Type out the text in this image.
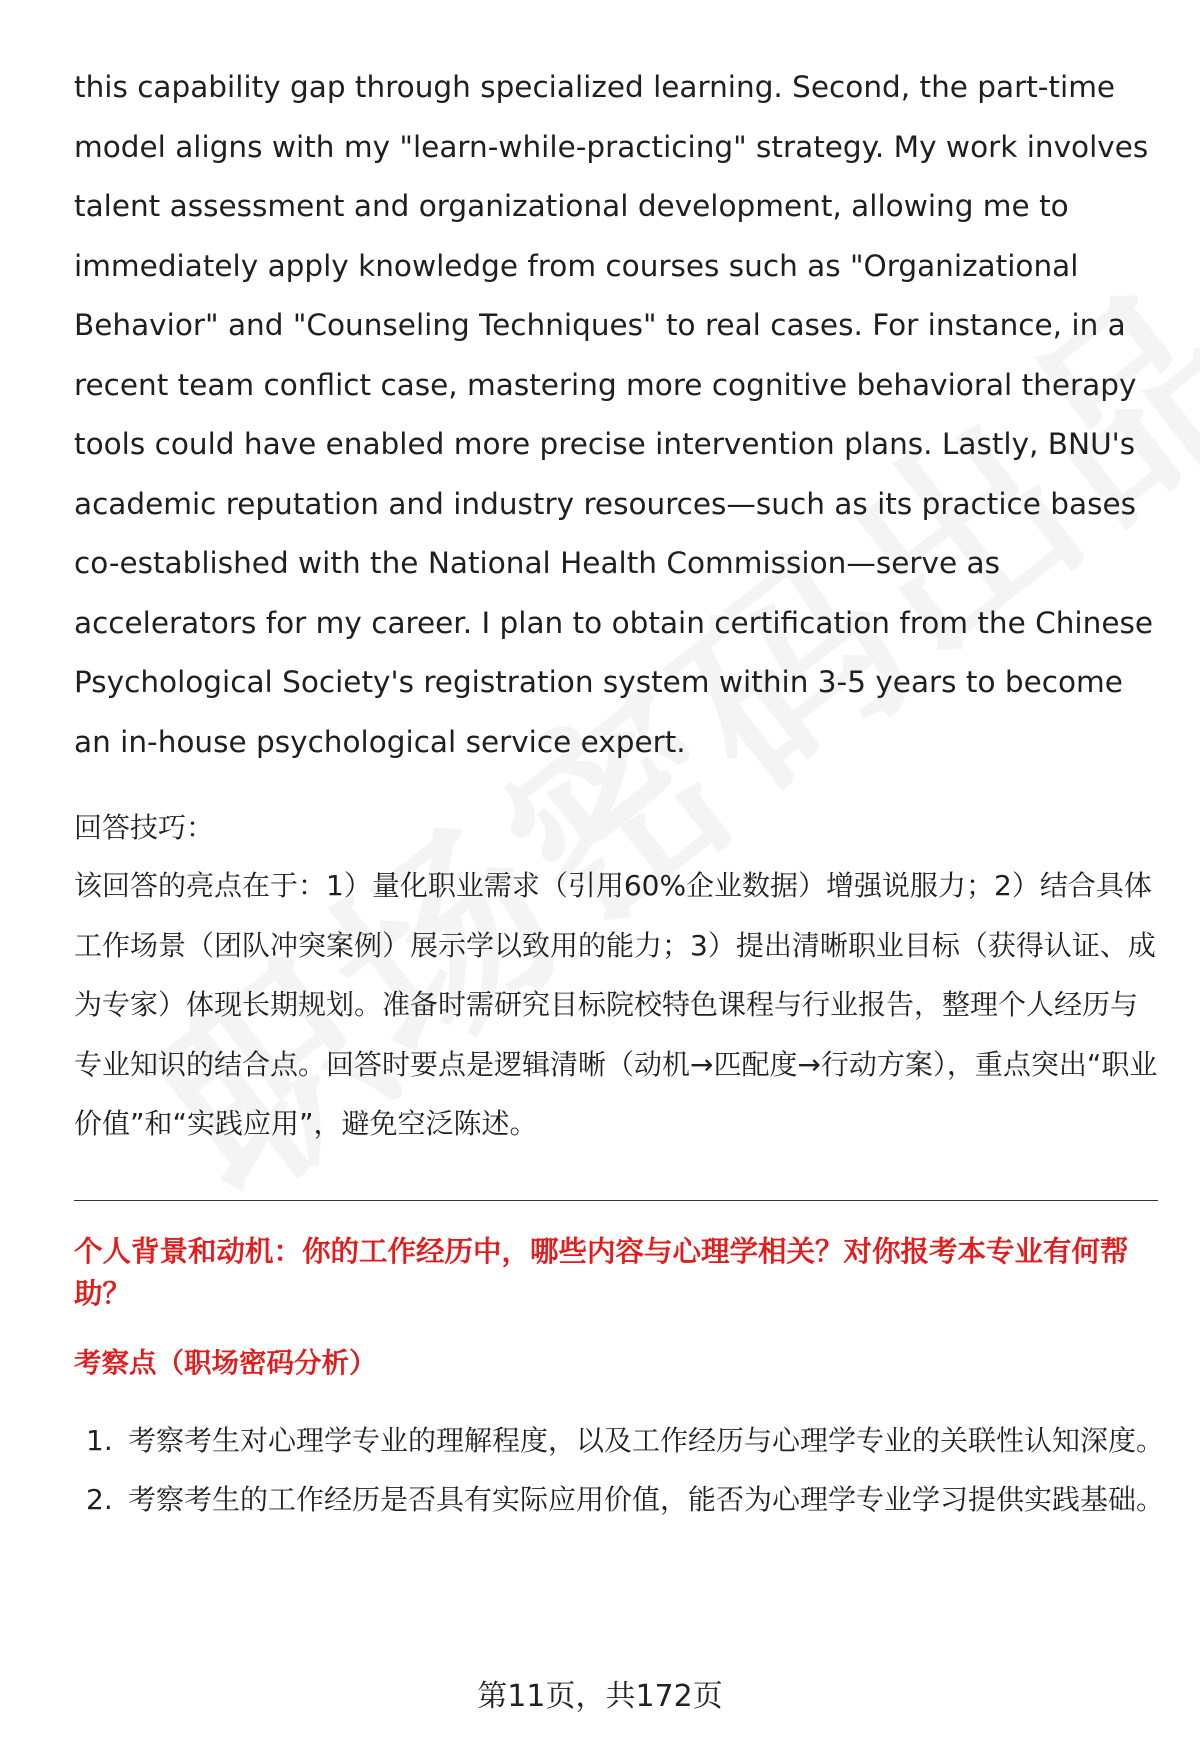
this capability gap through specialized learning. Second, the part-time model aligns with my "learn-while-practicing" strategy. My work involves talent assessment and organizational development, allowing me to immediately apply knowledge from courses such as "Organizational Behavior" and "Counseling Techniques" to real cases. For instance, in a recent team conflict case, mastering more cognitive behavioral therapy tools could have enabled more precise intervention plans. Lastly, BNU's academic reputation and industry resources—such as its practice bases co-established with the National Health Commission—serve as accelerators for my career. I plan to obtain certification from the Chinese Psychological Society's registration system within 3-5 years to become an in-house psychological service expert.

回答技巧：

该回答的亮点在于：1）量化职业需求（引用60%企业数据）增强说服力；2）结合具体工作场景（团队冲突案例）展示学以致用的能力；3）提出清晰职业目标（获得认证、成为专家）体现长期规划。准备时需研究目标院校特色课程与行业报告，整理个人经历与专业知识的结合点。回答时要点是逻辑清晰（动机→匹配度→行动方案），重点突出“职业价值”和“实践应用”，避免空泛陈述。

个人背景和动机：你的工作经历中，哪些内容与心理学相关？对你报考本专业有何帮助？

考察点（职场密码分析）

1. 考察考生对心理学专业的理解程度，以及工作经历与心理学专业的关联性认知深度。
2. 考察考生的工作经历是否具有实际应用价值，能否为心理学专业学习提供实践基础。
第11页，共172页
